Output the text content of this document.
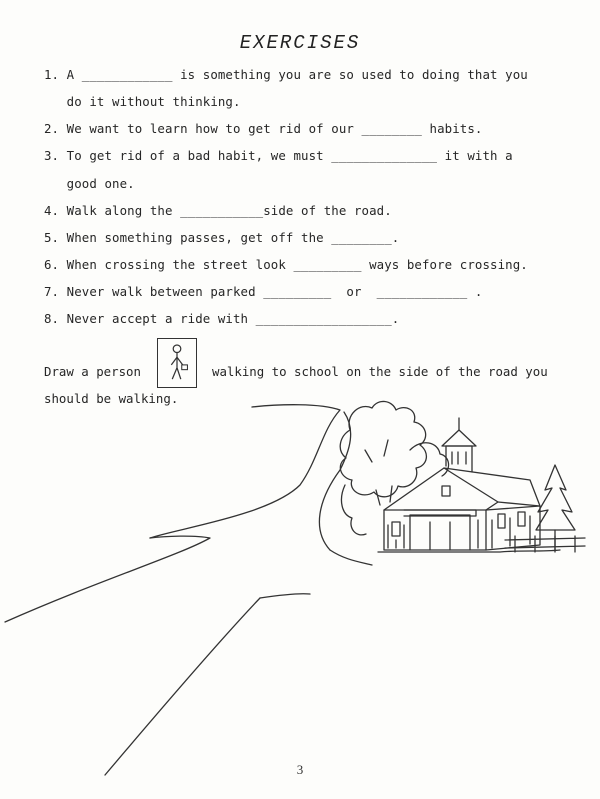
EXERCISES
1. A ____________ is something you are so used to doing that you
do it without thinking.
2. We want to learn how to get rid of our ________ habits.
3. To get rid of a bad habit, we must ______________ it with a
good one.
4. Walk along the ___________side of the road.
5. When something passes, get off the ________.
6. When crossing the street look _________ ways before crossing.
7. Never walk between parked _________  or  ____________ .
8. Never accept a ride with __________________.
Draw a person	walking to school on the side of the road you
should be walking.
3
